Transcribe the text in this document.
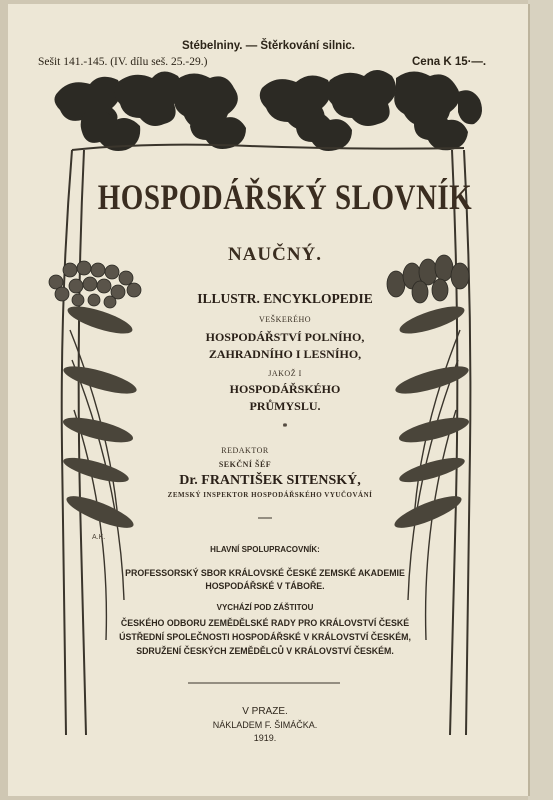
Stébelniny. — Štěrkování silnic.
Sešit 141.-145. (IV. dílu seš. 25.-29.)	Cena K 15·—.
HOSPODÁŘSKÝ SLOVNÍK
NAUČNÝ.
ILLUSTR. ENCYKLOPEDIE
VEŠKERÉHO
HOSPODÁŘSTVÍ POLNÍHO,
ZAHRADNÍHO I LESNÍHO,
JAKOŽ I
HOSPODÁŘSKÉHO
PRŮMYSLU.
*
REDAKTOR
SEKČNÍ ŠÉF
Dr. FRANTIŠEK SITENSKÝ,
ZEMSKÝ INSPEKTOR HOSPODÁŘSKÉHO VYUČOVÁNÍ
HLAVNÍ SPOLUPRACOVNÍK:
PROFESSORSKÝ SBOR KRÁLOVSKÉ ČESKÉ ZEMSKÉ AKADEMIE
HOSPODÁŘSKÉ V TÁBOŘE.
VYCHÁZÍ POD ZÁŠTITOU
ČESKÉHO ODBORU ZEMĚDĚLSKÉ RADY PRO KRÁLOVSTVÍ ČESKÉ
ÚSTŘEDNÍ SPOLEČNOSTI HOSPODÁŘSKÉ V KRÁLOVSTVÍ ČESKÉM,
SDRUŽENÍ ČESKÝCH ZEMĚDĚLCŮ V KRÁLOVSTVÍ ČESKÉM.
V PRAZE.
NÁKLADEM F. ŠIMÁČKA.
1919.
A.K.
